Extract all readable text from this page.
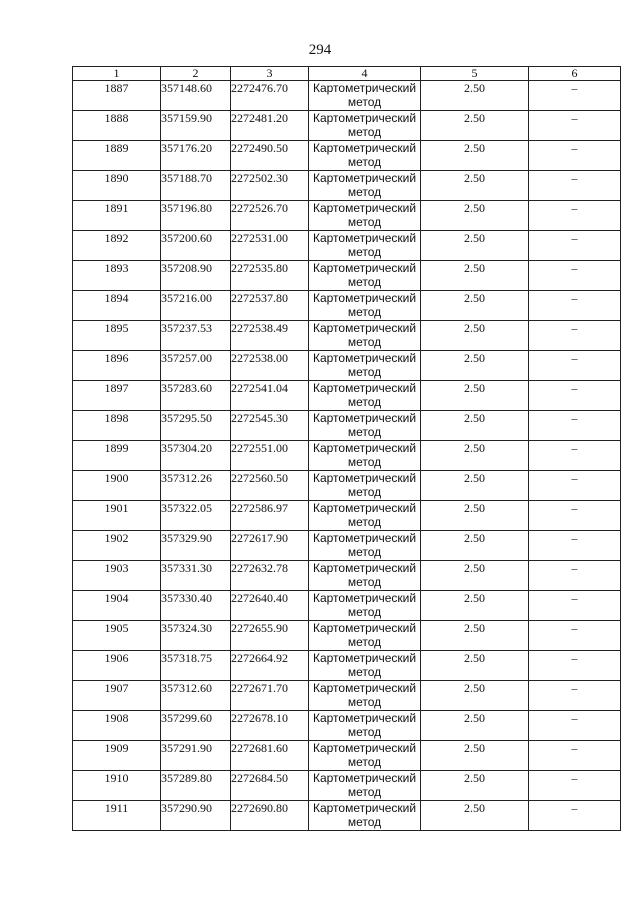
294
1	2	3	4	5	6
1887	357148.60	2272476.70	Картометрический метод	2.50	–
1888	357159.90	2272481.20	Картометрический метод	2.50	–
1889	357176.20	2272490.50	Картометрический метод	2.50	–
1890	357188.70	2272502.30	Картометрический метод	2.50	–
1891	357196.80	2272526.70	Картометрический метод	2.50	–
1892	357200.60	2272531.00	Картометрический метод	2.50	–
1893	357208.90	2272535.80	Картометрический метод	2.50	–
1894	357216.00	2272537.80	Картометрический метод	2.50	–
1895	357237.53	2272538.49	Картометрический метод	2.50	–
1896	357257.00	2272538.00	Картометрический метод	2.50	–
1897	357283.60	2272541.04	Картометрический метод	2.50	–
1898	357295.50	2272545.30	Картометрический метод	2.50	–
1899	357304.20	2272551.00	Картометрический метод	2.50	–
1900	357312.26	2272560.50	Картометрический метод	2.50	–
1901	357322.05	2272586.97	Картометрический метод	2.50	–
1902	357329.90	2272617.90	Картометрический метод	2.50	–
1903	357331.30	2272632.78	Картометрический метод	2.50	–
1904	357330.40	2272640.40	Картометрический метод	2.50	–
1905	357324.30	2272655.90	Картометрический метод	2.50	–
1906	357318.75	2272664.92	Картометрический метод	2.50	–
1907	357312.60	2272671.70	Картометрический метод	2.50	–
1908	357299.60	2272678.10	Картометрический метод	2.50	–
1909	357291.90	2272681.60	Картометрический метод	2.50	–
1910	357289.80	2272684.50	Картометрический метод	2.50	–
1911	357290.90	2272690.80	Картометрический метод	2.50	–
